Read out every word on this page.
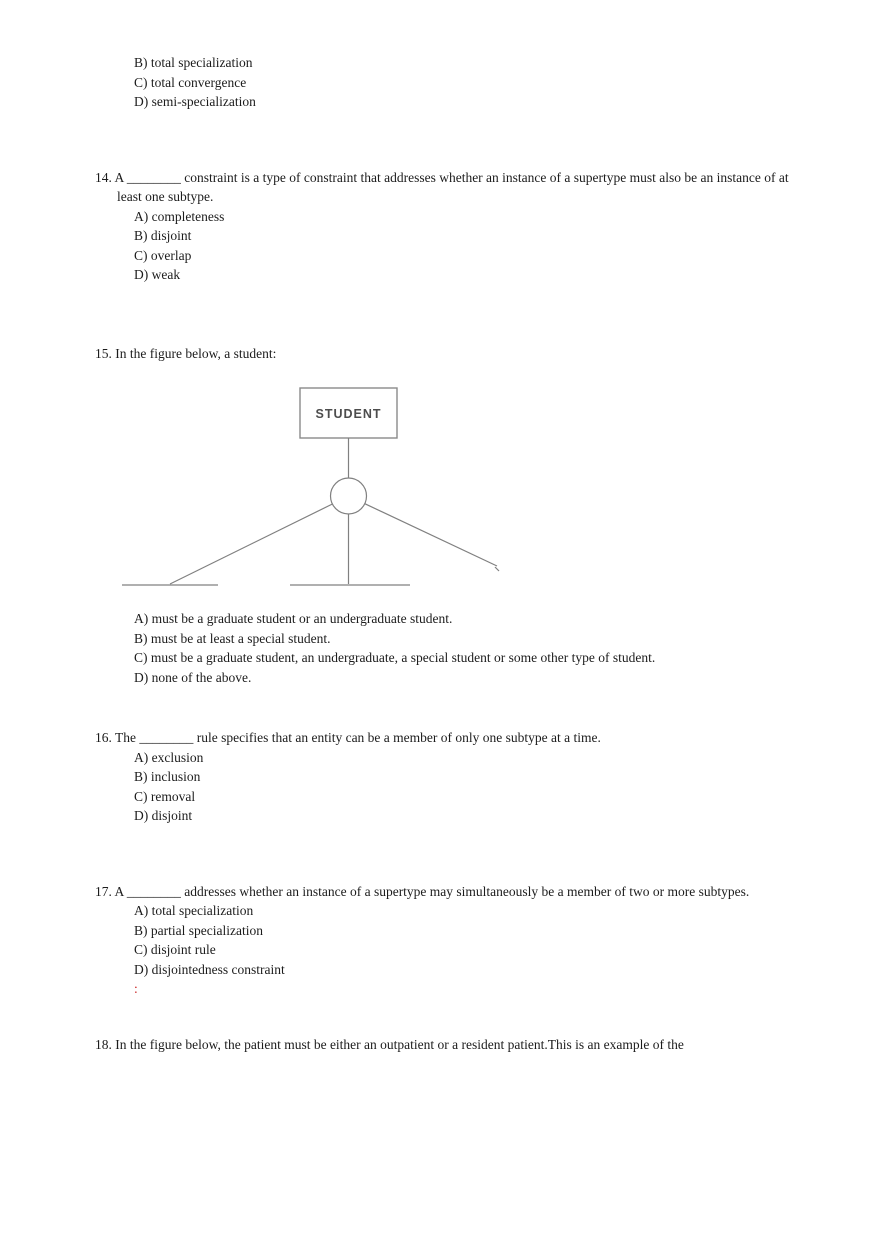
B) total specialization
C) total convergence
D) semi-specialization
14. A ________ constraint is a type of constraint that addresses whether an instance of a supertype must also be an instance of at least one subtype.
A) completeness
B) disjoint
C) overlap
D) weak
15. In the figure below, a student:
STUDENT
A) must be a graduate student or an undergraduate student.
B) must be at least a special student.
C) must be a graduate student, an undergraduate, a special student or some other type of student.
D) none of the above.
16. The ________ rule specifies that an entity can be a member of only one subtype at a time.
A) exclusion
B) inclusion
C) removal
D) disjoint
17. A ________ addresses whether an instance of a supertype may simultaneously be a member of two or more subtypes.
A) total specialization
B) partial specialization
C) disjoint rule
D) disjointedness constraint
:
18. In the figure below, the patient must be either an outpatient or a resident patient.This is an example of the
